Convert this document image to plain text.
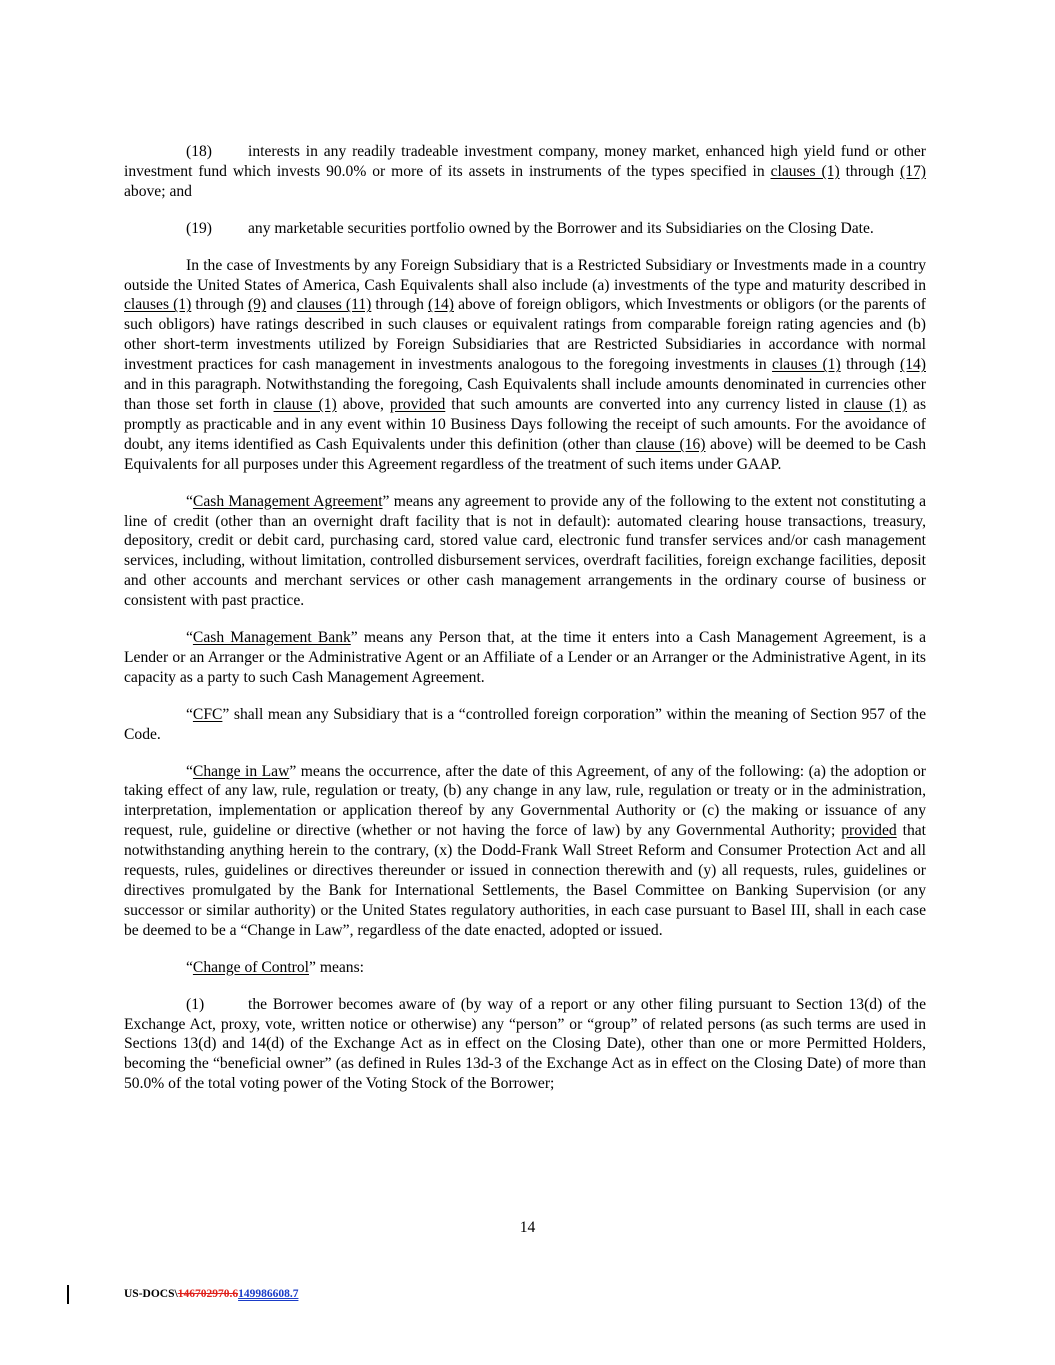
(18) interests in any readily tradeable investment company, money market, enhanced high yield fund or other investment fund which invests 90.0% or more of its assets in instruments of the types specified in clauses (1) through (17) above; and

(19) any marketable securities portfolio owned by the Borrower and its Subsidiaries on the Closing Date.

In the case of Investments by any Foreign Subsidiary that is a Restricted Subsidiary or Investments made in a country outside the United States of America, Cash Equivalents shall also include (a) investments of the type and maturity described in clauses (1) through (9) and clauses (11) through (14) above of foreign obligors, which Investments or obligors (or the parents of such obligors) have ratings described in such clauses or equivalent ratings from comparable foreign rating agencies and (b) other short-term investments utilized by Foreign Subsidiaries that are Restricted Subsidiaries in accordance with normal investment practices for cash management in investments analogous to the foregoing investments in clauses (1) through (14) and in this paragraph. Notwithstanding the foregoing, Cash Equivalents shall include amounts denominated in currencies other than those set forth in clause (1) above, provided that such amounts are converted into any currency listed in clause (1) as promptly as practicable and in any event within 10 Business Days following the receipt of such amounts. For the avoidance of doubt, any items identified as Cash Equivalents under this definition (other than clause (16) above) will be deemed to be Cash Equivalents for all purposes under this Agreement regardless of the treatment of such items under GAAP.

“Cash Management Agreement” means any agreement to provide any of the following to the extent not constituting a line of credit (other than an overnight draft facility that is not in default): automated clearing house transactions, treasury, depository, credit or debit card, purchasing card, stored value card, electronic fund transfer services and/or cash management services, including, without limitation, controlled disbursement services, overdraft facilities, foreign exchange facilities, deposit and other accounts and merchant services or other cash management arrangements in the ordinary course of business or consistent with past practice.

“Cash Management Bank” means any Person that, at the time it enters into a Cash Management Agreement, is a Lender or an Arranger or the Administrative Agent or an Affiliate of a Lender or an Arranger or the Administrative Agent, in its capacity as a party to such Cash Management Agreement.

“CFC” shall mean any Subsidiary that is a “controlled foreign corporation” within the meaning of Section 957 of the Code.

“Change in Law” means the occurrence, after the date of this Agreement, of any of the following: (a) the adoption or taking effect of any law, rule, regulation or treaty, (b) any change in any law, rule, regulation or treaty or in the administration, interpretation, implementation or application thereof by any Governmental Authority or (c) the making or issuance of any request, rule, guideline or directive (whether or not having the force of law) by any Governmental Authority; provided that notwithstanding anything herein to the contrary, (x) the Dodd-Frank Wall Street Reform and Consumer Protection Act and all requests, rules, guidelines or directives thereunder or issued in connection therewith and (y) all requests, rules, guidelines or directives promulgated by the Bank for International Settlements, the Basel Committee on Banking Supervision (or any successor or similar authority) or the United States regulatory authorities, in each case pursuant to Basel III, shall in each case be deemed to be a “Change in Law”, regardless of the date enacted, adopted or issued.

“Change of Control” means:

(1)	the Borrower becomes aware of (by way of a report or any other filing pursuant to Section 13(d) of the Exchange Act, proxy, vote, written notice or otherwise) any “person” or “group” of related persons (as such terms are used in Sections 13(d) and 14(d) of the Exchange Act as in effect on the Closing Date), other than one or more Permitted Holders, becoming the “beneficial owner” (as defined in Rules 13d-3 of the Exchange Act as in effect on the Closing Date) of more than 50.0% of the total voting power of the Voting Stock of the Borrower;

14
US-DOCS\146702970.6149986608.7
